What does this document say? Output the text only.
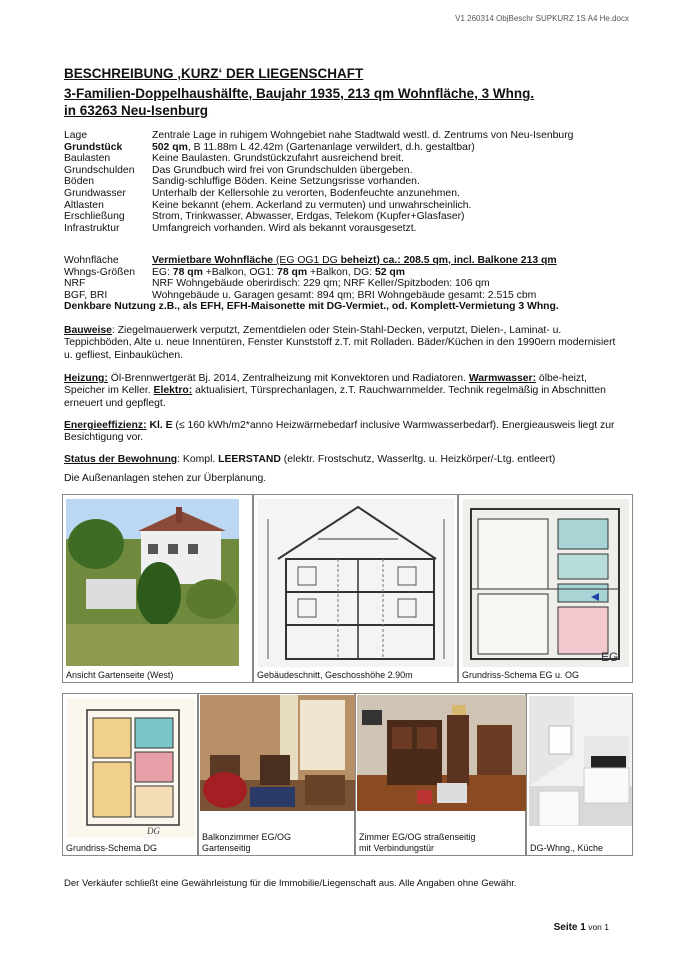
V1 260314 ObjBeschr SUPKURZ 1S A4 He.docx
BESCHREIBUNG ‚KURZ‘ DER LIEGENSCHAFT
3-Familien-Doppelhaushälfte, Baujahr 1935, 213 qm Wohnfläche, 3 Whng.
in 63263 Neu-Isenburg
Lage	Zentrale Lage in ruhigem Wohngebiet nahe Stadtwald westl. d. Zentrums von Neu-Isenburg
Grundstück	502 qm, B 11.88m L 42.42m (Gartenanlage verwildert, d.h. gestaltbar)
Baulasten	Keine Baulasten. Grundstückzufahrt ausreichend breit.
Grundschulden	Das Grundbuch wird frei von Grundschulden übergeben.
Böden	Sandig-schluffige Böden. Keine Setzungsrisse vorhanden.
Grundwasser	Unterhalb der Kellersohle zu verorten, Bodenfeuchte anzunehmen.
Altlasten	Keine bekannt (ehem. Ackerland zu vermuten) und unwahrscheinlich.
Erschließung	Strom, Trinkwasser, Abwasser, Erdgas, Telekom (Kupfer+Glasfaser)
Infrastruktur	Umfangreich vorhanden. Wird als bekannt vorausgesetzt.
Wohnfläche	Vermietbare Wohnfläche (EG OG1 DG beheizt) ca.: 208.5 qm, incl. Balkone 213 qm
Whngs-Größen	EG: 78 qm +Balkon, OG1: 78 qm +Balkon, DG: 52 qm
NRF	NRF Wohngebäude oberirdisch: 229 qm; NRF Keller/Spitzboden: 106 qm
BGF, BRI	Wohngebäude u. Garagen gesamt: 894 qm; BRI Wohngebäude gesamt: 2.515 cbm
Denkbare Nutzung z.B., als EFH, EFH-Maisonette mit DG-Vermiet., od. Komplett-Vermietung 3 Whng.
Bauweise: Ziegelmauerwerk verputzt, Zementdielen oder Stein-Stahl-Decken, verputzt, Dielen-, Laminat- u. Teppichböden, Alte u. neue Innentüren, Fenster Kunststoff z.T. mit Rolladen. Bäder/Küchen in den 1990ern modernisiert u. gefliest, Einbauküchen.
Heizung: Öl-Brennwertgerät Bj. 2014, Zentralheizung mit Konvektoren und Radiatoren. Warmwasser: ölbe-heizt, Speicher im Keller. Elektro: aktualisiert, Türsprechanlagen, z.T. Rauchwarnmelder. Technik regelmäßig in Abschnitten erneuert und gepflegt.
Energieeffizienz: Kl. E (≤ 160 kWh/m2*anno Heizwärmebedarf inclusive Warmwasserbedarf). Energieausweis liegt zur Besichtigung vor.
Status der Bewohnung: Kompl. LEERSTAND (elektr. Frostschutz, Wasserltg. u. Heizkörper/-Ltg. entleert)
Die Außenanlagen stehen zur Überplanung.
Ansicht Gartenseite (West)	Gebäudeschnitt, Geschosshöhe 2.90m
EG
Grundriss-Schema EG u. OG
DG
Grundriss-Schema DG
Balkonzimmer EG/OG
Gartenseitig
Zimmer EG/OG straßenseitig
mit Verbindungstür	DG-Whng., Küche
Der Verkäufer schließt eine Gewährleistung für die Immobilie/Liegenschaft aus. Alle Angaben ohne Gewähr.
Seite 1 von 1
